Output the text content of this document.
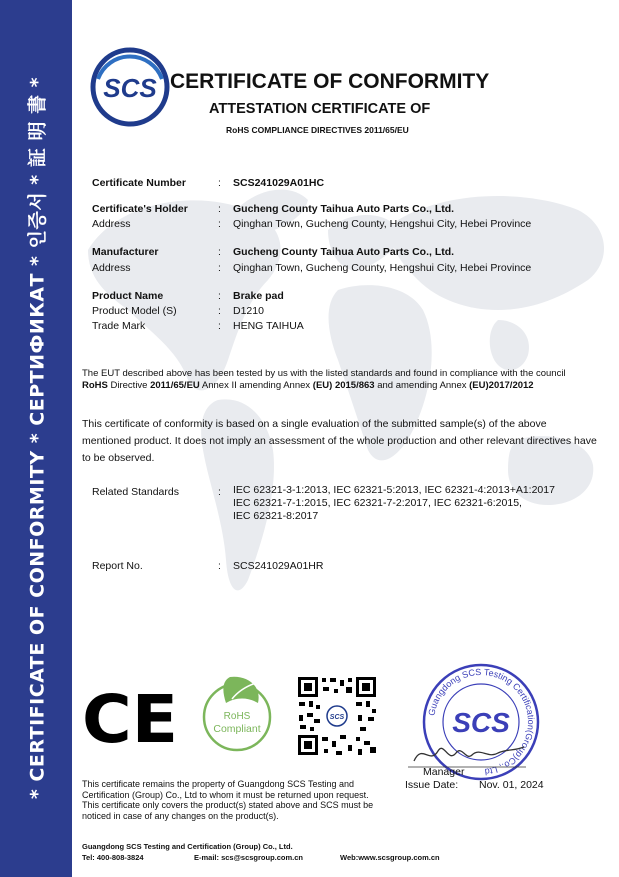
* CERTIFICATE OF CONFORMITY * СЕРТИФИКАТ * 인증서 * 証 明 書 * SCS CERTIFICATE OF CONFORMITY
ATTESTATION CERTIFICATE OF
RoHS COMPLIANCE DIRECTIVES 2011/65/EU
Certificate Number	: SCS241029A01HC
Certificate's Holder	: Gucheng County Taihua Auto Parts Co., Ltd.
Address	: Qinghan Town, Gucheng County, Hengshui City, Hebei Province
Manufacturer	: Gucheng County Taihua Auto Parts Co., Ltd.
Address	: Qinghan Town, Gucheng County, Hengshui City, Hebei Province
Product Name	: Brake pad
Product Model (S)	: D1210
Trade Mark	: HENG TAIHUA
The EUT described above has been tested by us with the listed standards and found in compliance with the council RoHS Directive 2011/65/EU Annex II amending Annex (EU) 2015/863 and amending Annex (EU)2017/2012
This certificate of conformity is based on a single evaluation of the submitted sample(s) of the above mentioned product. It does not imply an assessment of the whole production and other relevant directives have to be observed.
Related Standards	: IEC 62321-3-1:2013, IEC 62321-5:2013, IEC 62321-4:2013+A1:2017
IEC 62321-7-1:2015, IEC 62321-7-2:2017, IEC 62321-6:2015,
IEC 62321-8:2017
Report No.	: SCS241029A01HR
CE	RoHS
Compliant
SCS
Guangdong SCS Testing Certification(Group)Co., Ltd
SCS
Manager
Issue Date: Nov. 01, 2024
This certificate remains the property of Guangdong SCS Testing and Certification (Group) Co., Ltd to whom it must be returned upon request. This certificate only covers the product(s) stated above and SCS must be noticed in case of any changes on the product(s).
Guangdong SCS Testing and Certification (Group) Co., Ltd.
Tel: 400-808-3824	E-mail: scs@scsgroup.com.cn	Web:www.scsgroup.com.cn
